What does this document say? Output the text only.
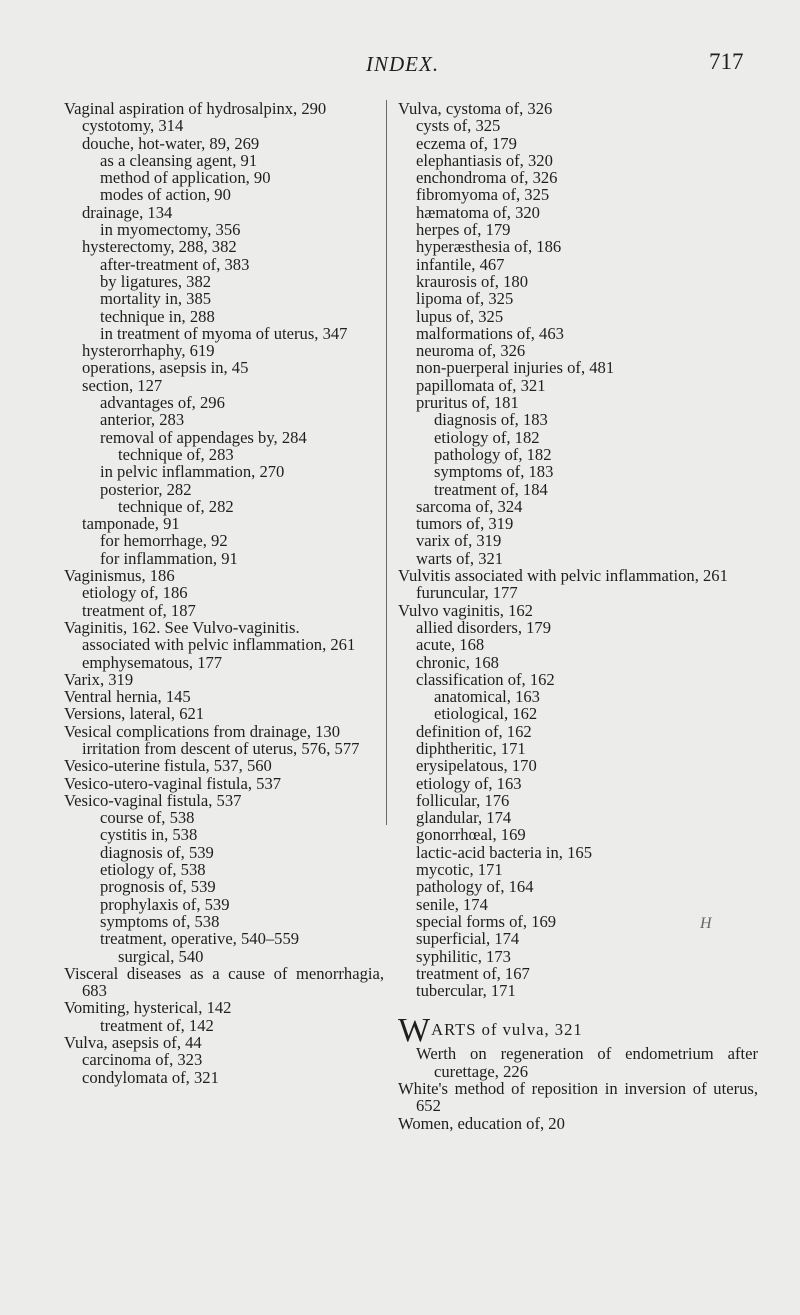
INDEX.	717
Vaginal aspiration of hydrosalpinx, 290
cystotomy, 314
douche, hot-water, 89, 269
as a cleansing agent, 91
method of application, 90
modes of action, 90
drainage, 134
in myomectomy, 356
hysterectomy, 288, 382
after-treatment of, 383
by ligatures, 382
mortality in, 385
technique in, 288
in treatment of myoma of uterus, 347
hysterorrhaphy, 619
operations, asepsis in, 45
section, 127
advantages of, 296
anterior, 283
removal of appendages by, 284
technique of, 283
in pelvic inflammation, 270
posterior, 282
technique of, 282
tamponade, 91
for hemorrhage, 92
for inflammation, 91
Vaginismus, 186
etiology of, 186
treatment of, 187
Vaginitis, 162. See Vulvo-vaginitis.
associated with pelvic inflammation, 261
emphysematous, 177
Varix, 319
Ventral hernia, 145
Versions, lateral, 621
Vesical complications from drainage, 130
irritation from descent of uterus, 576, 577
Vesico-uterine fistula, 537, 560
Vesico-utero-vaginal fistula, 537
Vesico-vaginal fistula, 537
course of, 538
cystitis in, 538
diagnosis of, 539
etiology of, 538
prognosis of, 539
prophylaxis of, 539
symptoms of, 538
treatment, operative, 540–559
surgical, 540
Visceral diseases as a cause of menorrhagia, 683
Vomiting, hysterical, 142
treatment of, 142
Vulva, asepsis of, 44
carcinoma of, 323
condylomata of, 321
Vulva, cystoma of, 326
cysts of, 325
eczema of, 179
elephantiasis of, 320
enchondroma of, 326
fibromyoma of, 325
hæmatoma of, 320
herpes of, 179
hyperæsthesia of, 186
infantile, 467
kraurosis of, 180
lipoma of, 325
lupus of, 325
malformations of, 463
neuroma of, 326
non-puerperal injuries of, 481
papillomata of, 321
pruritus of, 181
diagnosis of, 183
etiology of, 182
pathology of, 182
symptoms of, 183
treatment of, 184
sarcoma of, 324
tumors of, 319
varix of, 319
warts of, 321
Vulvitis associated with pelvic inflammation, 261
furuncular, 177
Vulvo vaginitis, 162
allied disorders, 179
acute, 168
chronic, 168
classification of, 162
anatomical, 163
etiological, 162
definition of, 162
diphtheritic, 171
erysipelatous, 170
etiology of, 163
follicular, 176
glandular, 174
gonorrhœal, 169
lactic-acid bacteria in, 165
mycotic, 171
pathology of, 164
senile, 174
special forms of, 169
superficial, 174
syphilitic, 173
treatment of, 167
tubercular, 171
WARTS of vulva, 321
Werth on regeneration of endometrium after curettage, 226
White's method of reposition in inversion of uterus, 652
Women, education of, 20
H
